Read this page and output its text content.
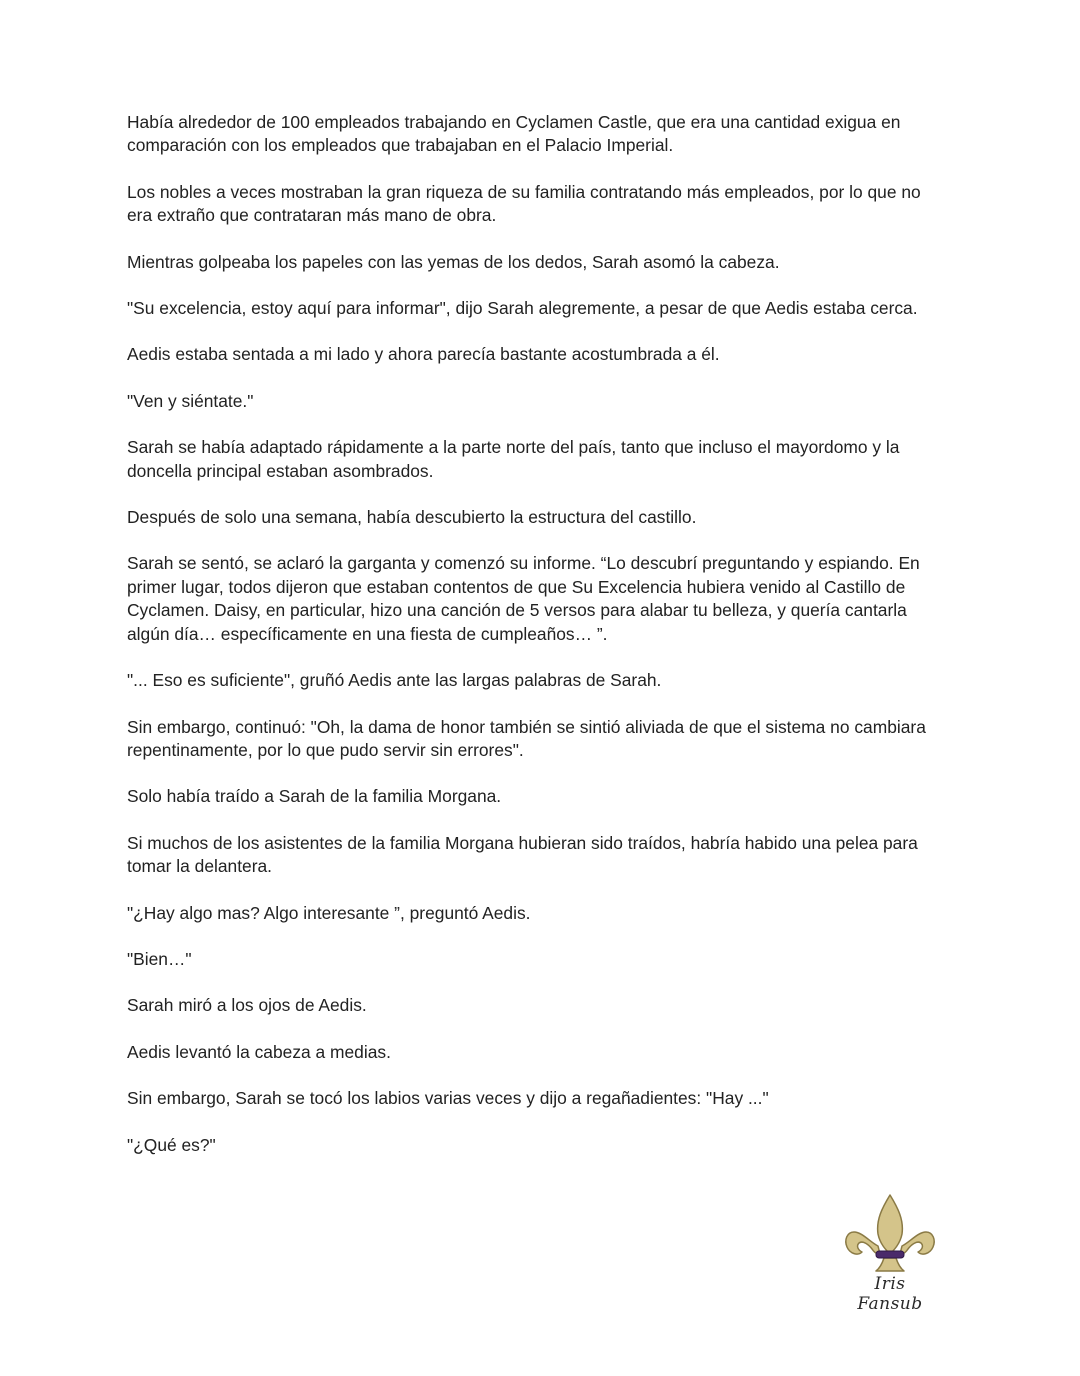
Había alrededor de 100 empleados trabajando en Cyclamen Castle, que era una cantidad exigua en comparación con los empleados que trabajaban en el Palacio Imperial.

Los nobles a veces mostraban la gran riqueza de su familia contratando más empleados, por lo que no era extraño que contrataran más mano de obra.

Mientras golpeaba los papeles con las yemas de los dedos, Sarah asomó la cabeza.

"Su excelencia, estoy aquí para informar", dijo Sarah alegremente, a pesar de que Aedis estaba cerca.

Aedis estaba sentada a mi lado y ahora parecía bastante acostumbrada a él.

"Ven y siéntate."

Sarah se había adaptado rápidamente a la parte norte del país, tanto que incluso el mayordomo y la doncella principal estaban asombrados.

Después de solo una semana, había descubierto la estructura del castillo.

Sarah se sentó, se aclaró la garganta y comenzó su informe. “Lo descubrí preguntando y espiando. En primer lugar, todos dijeron que estaban contentos de que Su Excelencia hubiera venido al Castillo de Cyclamen. Daisy, en particular, hizo una canción de 5 versos para alabar tu belleza, y quería cantarla algún día… específicamente en una fiesta de cumpleaños… ”.

"... Eso es suficiente", gruñó Aedis ante las largas palabras de Sarah.

Sin embargo, continuó: "Oh, la dama de honor también se sintió aliviada de que el sistema no cambiara repentinamente, por lo que pudo servir sin errores".

Solo había traído a Sarah de la familia Morgana.

Si muchos de los asistentes de la familia Morgana hubieran sido traídos, habría habido una pelea para tomar la delantera.

"¿Hay algo mas? Algo interesante ”, preguntó Aedis.

"Bien…"

Sarah miró a los ojos de Aedis.

Aedis levantó la cabeza a medias.

Sin embargo, Sarah se tocó los labios varias veces y dijo a regañadientes: "Hay ..."

"¿Qué es?"

Iris Fansub
